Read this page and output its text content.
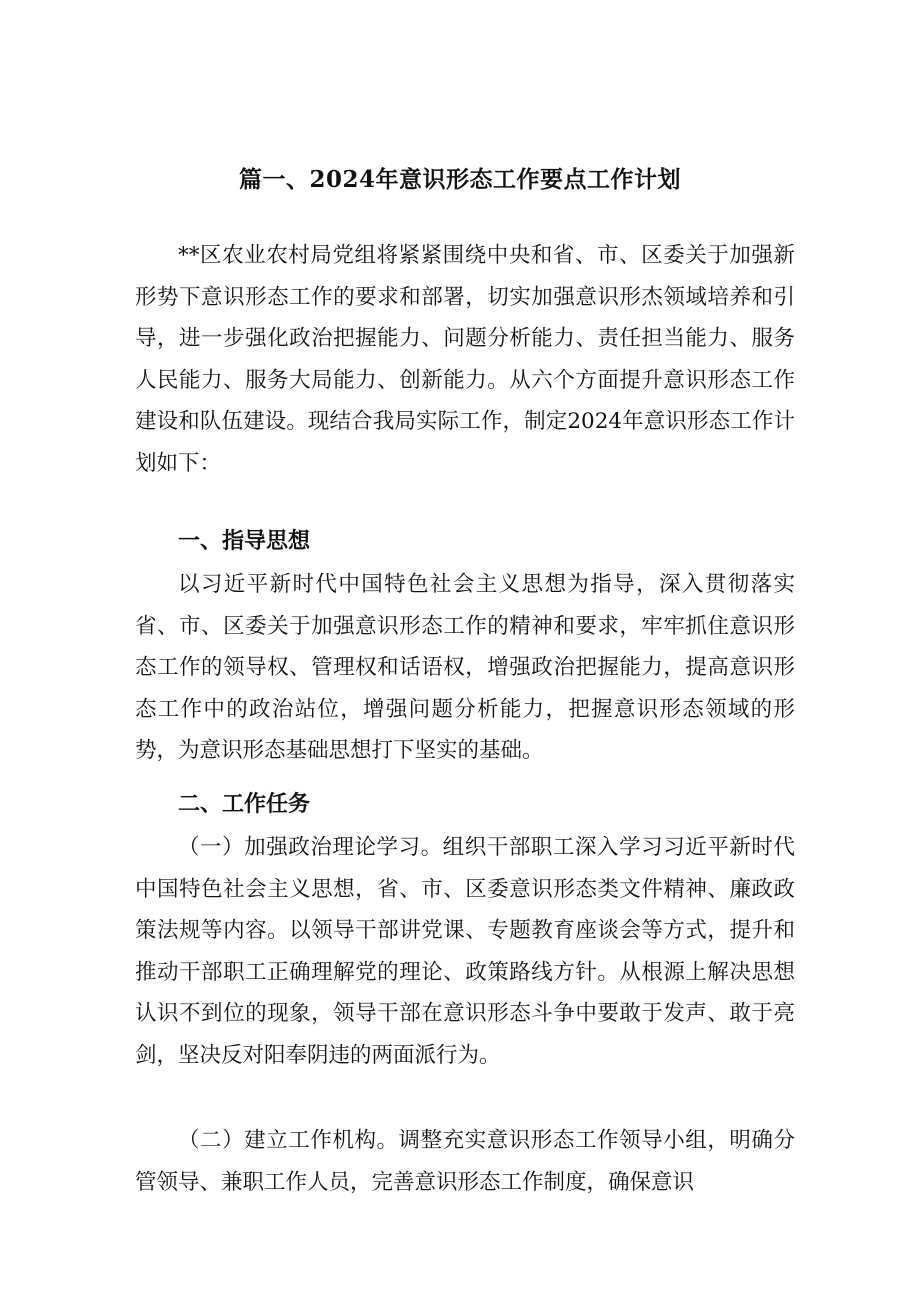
篇一、2024年意识形态工作要点工作计划

**区农业农村局党组将紧紧围绕中央和省、市、区委关于加强新形势下意识形态工作的要求和部署，切实加强意识形杰领域培养和引导，进一步强化政治把握能力、问题分析能力、责任担当能力、服务人民能力、服务大局能力、创新能力。从六个方面提升意识形态工作建设和队伍建设。现结合我局实际工作，制定2024年意识形态工作计划如下：

一、指导思想

以习近平新时代中国特色社会主义思想为指导，深入贯彻落实省、市、区委关于加强意识形态工作的精神和要求，牢牢抓住意识形态工作的领导权、管理权和话语权，增强政治把握能力，提高意识形态工作中的政治站位，增强问题分析能力，把握意识形态领域的形势，为意识形态基础思想打下坚实的基础。

二、工作任务

（一）加强政治理论学习。组织干部职工深入学习习近平新时代中国特色社会主义思想，省、市、区委意识形态类文件精神、廉政政策法规等内容。以领导干部讲党课、专题教育座谈会等方式，提升和推动干部职工正确理解党的理论、政策路线方针。从根源上解决思想认识不到位的现象，领导干部在意识形态斗争中要敢于发声、敢于亮剑，坚决反对阳奉阴违的两面派行为。

（二）建立工作机构。调整充实意识形态工作领导小组，明确分管领导、兼职工作人员，完善意识形态工作制度，确保意识
